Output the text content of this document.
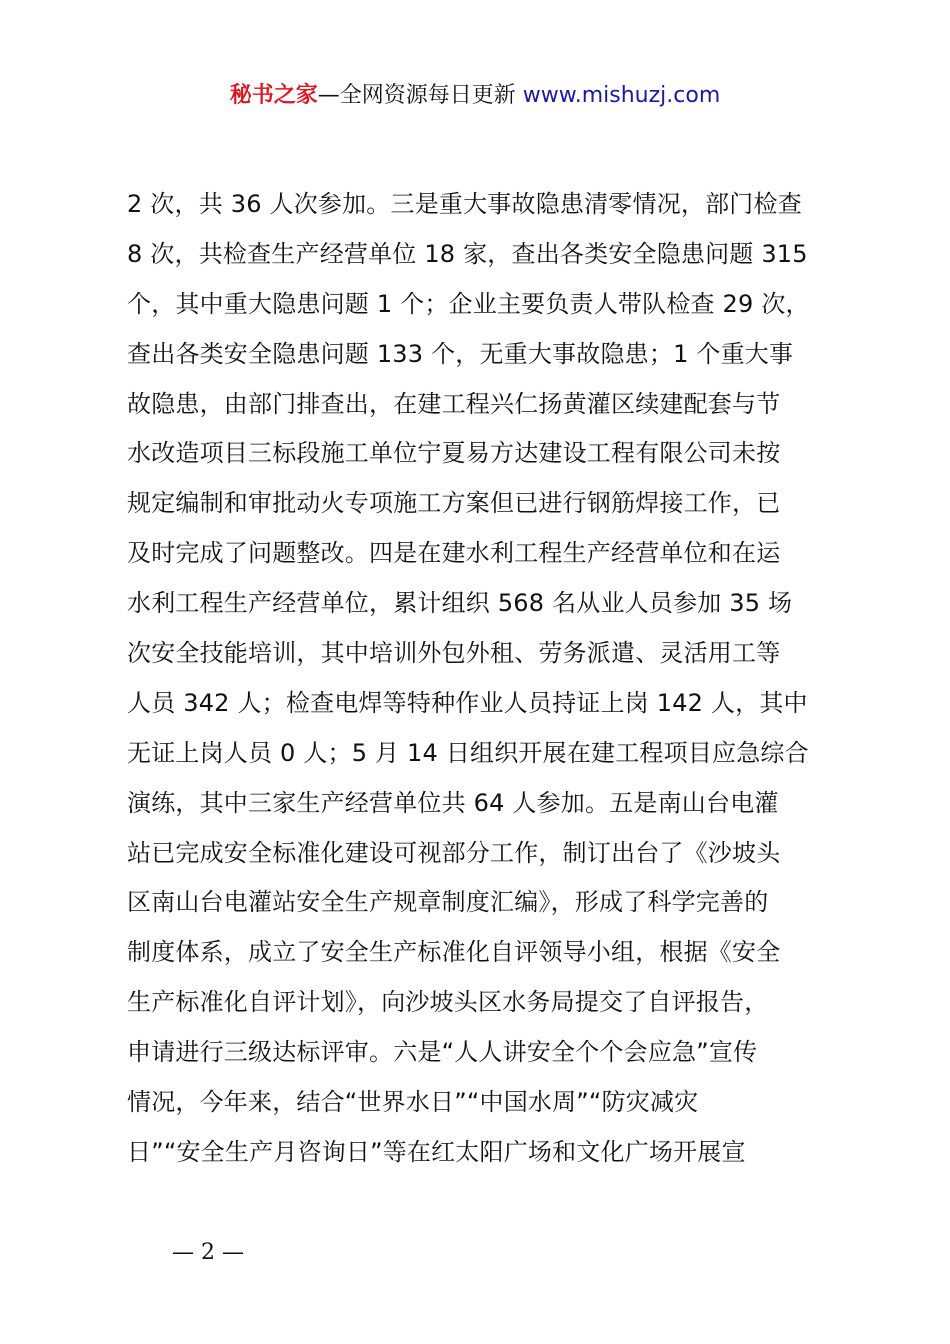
秘书之家—全网资源每日更新 www.mishuzj.com
2 次，共 36 人次参加。三是重大事故隐患清零情况，部门检查
8 次，共检查生产经营单位 18 家，查出各类安全隐患问题 315
个，其中重大隐患问题 1 个；企业主要负责人带队检查 29 次，
查出各类安全隐患问题 133 个，无重大事故隐患；1 个重大事
故隐患，由部门排查出，在建工程兴仁扬黄灌区续建配套与节
水改造项目三标段施工单位宁夏易方达建设工程有限公司未按
规定编制和审批动火专项施工方案但已进行钢筋焊接工作，已
及时完成了问题整改。四是在建水利工程生产经营单位和在运
水利工程生产经营单位，累计组织 568 名从业人员参加 35 场
次安全技能培训，其中培训外包外租、劳务派遣、灵活用工等
人员 342 人；检查电焊等特种作业人员持证上岗 142 人，其中
无证上岗人员 0 人；5 月 14 日组织开展在建工程项目应急综合
演练，其中三家生产经营单位共 64 人参加。五是南山台电灌
站已完成安全标准化建设可视部分工作，制订出台了《沙坡头
区南山台电灌站安全生产规章制度汇编》，形成了科学完善的
制度体系，成立了安全生产标准化自评领导小组，根据《安全
生产标准化自评计划》，向沙坡头区水务局提交了自评报告，
申请进行三级达标评审。六是“人人讲安全个个会应急”宣传
情况，今年来，结合“世界水日”“中国水周”“防灾减灾
日”“安全生产月咨询日”等在红太阳广场和文化广场开展宣
— 2 —
